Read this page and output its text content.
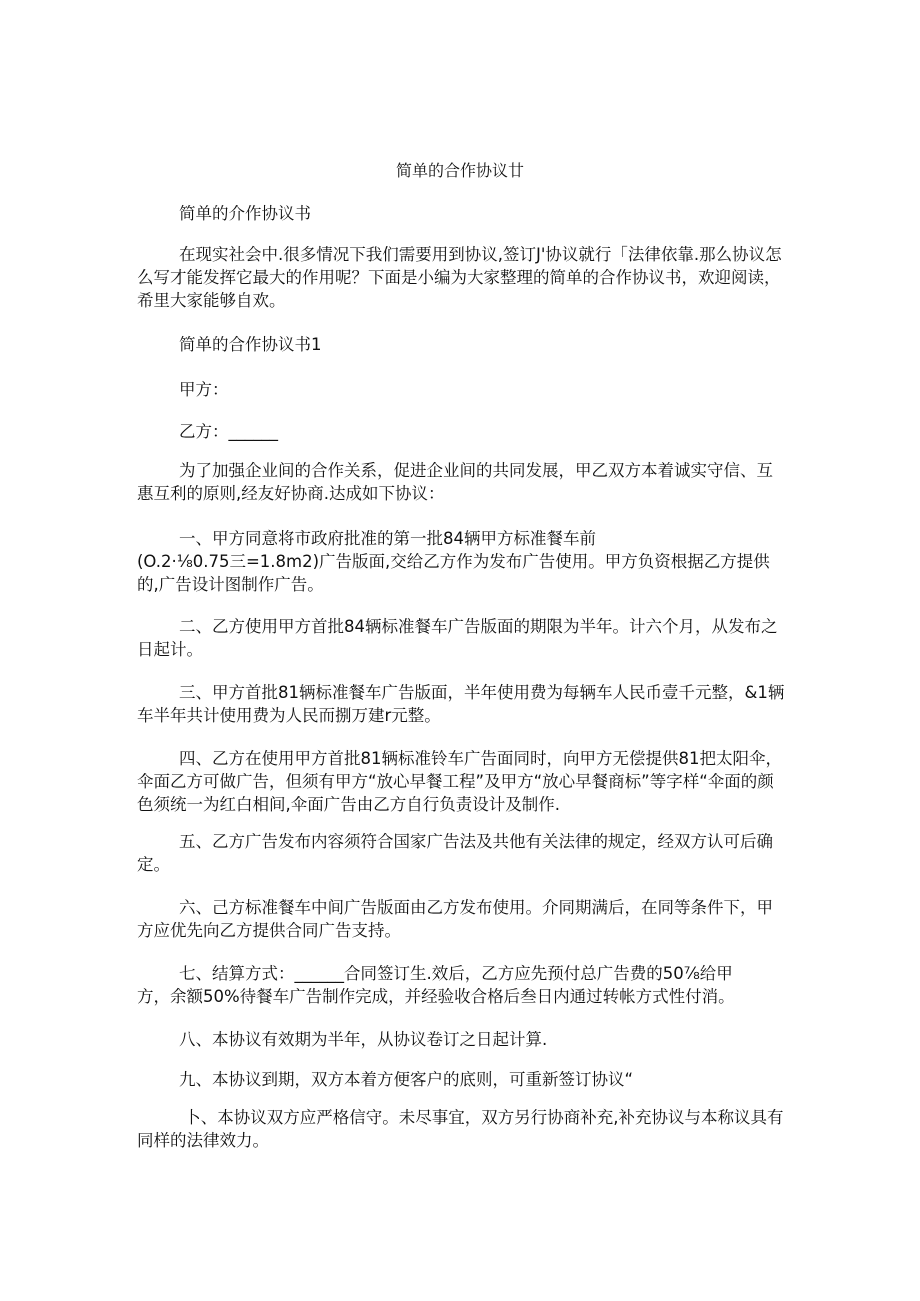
简单的合作协议廿

简单的介作协议书

在现实社会中.很多情况下我们需要用到协议,签订J'协议就行「法律依靠.那么协议怎么写才能发挥它最大的作用呢？下面是小编为大家整理的简单的合作协议书，欢迎阅读，希里大家能够自欢。

简单的合作协议书1

甲方：

乙方：______

为了加强企业间的合作关系，促进企业间的共同发展，甲乙双方本着诚实守信、互惠互利的原则,经友好协商.达成如下协议：

一、甲方同意将市政府批准的第一批84辆甲方标准餐车前
(O.2·⅛0.75三=1.8m2)广告版面,交给乙方作为发布广告使用。甲方负资根据乙方提供的,广告设计图制作广告。

二、乙方使用甲方首批84辆标准餐车广告版面的期限为半年。计六个月，从发布之日起计。

三、甲方首批81辆标准餐车广告版面，半年使用费为每辆车人民币壹千元整，&1辆车半年共计使用费为人民而捌万建r元整。

四、乙方在使用甲方首批81辆标准铃车广告面同时，向甲方无偿提供81把太阳伞，伞面乙方可做广告，但须有甲方“放心早餐工程”及甲方“放心早餐商标”等字样“伞面的颜色须统一为红白相间,伞面广告由乙方自行负责设计及制作.

五、乙方广告发布内容须符合国家广告法及共他有关法律的规定，经双方认可后确定。

六、己方标准餐车中间广告版面由乙方发布使用。介同期满后，在同等条件下，甲方应优先向乙方提供合同广告支持。

七、结算方式：______合同签订生.效后，乙方应先预付总广告费的50⅞给甲
方，余额50%待餐车广告制作完成，并经验收合格后叁日内通过转帐方式性付消。

八、本协议有效期为半年，从协议卷订之日起计算.

九、本协议到期，双方本着方便客户的底则，可重新签订协议“

卜、本协议双方应严格信守。未尽事宜，双方另行协商补充,补充协议与本称议具有同样的法律效力。
